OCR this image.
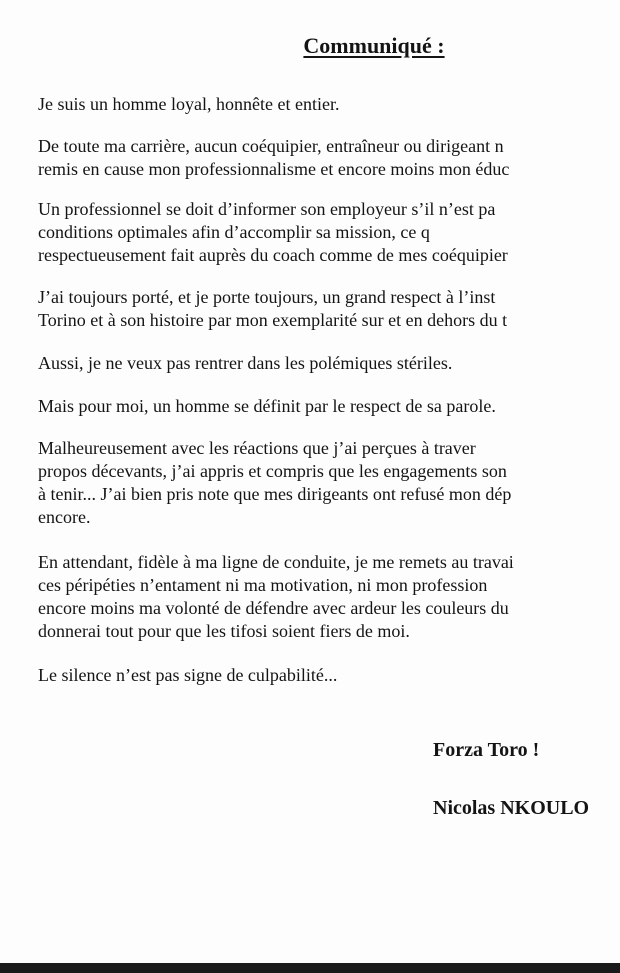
Communiqué :

Je suis un homme loyal, honnête et entier.

De toute ma carrière, aucun coéquipier, entraîneur ou dirigeant n
remis en cause mon professionnalisme et encore moins mon éduc

Un professionnel se doit d’informer son employeur s’il n’est pa
conditions optimales afin d’accomplir sa mission, ce q
respectueusement fait auprès du coach comme de mes coéquipier

J’ai toujours porté, et je porte toujours, un grand respect à l’inst
Torino et à son histoire par mon exemplarité sur et en dehors du t

Aussi, je ne veux pas rentrer dans les polémiques stériles.

Mais pour moi, un homme se définit par le respect de sa parole.

Malheureusement avec les réactions que j’ai perçues à traver
propos décevants, j’ai appris et compris que les engagements son
à tenir... J’ai bien pris note que mes dirigeants ont refusé mon dép
encore.

En attendant, fidèle à ma ligne de conduite, je me remets au travai
ces péripéties n’entament ni ma motivation, ni mon profession
encore moins ma volonté de défendre avec ardeur les couleurs du
donnerai tout pour que les tifosi soient fiers de moi.

Le silence n’est pas signe de culpabilité...

Forza Toro !
Nicolas NKOULO
